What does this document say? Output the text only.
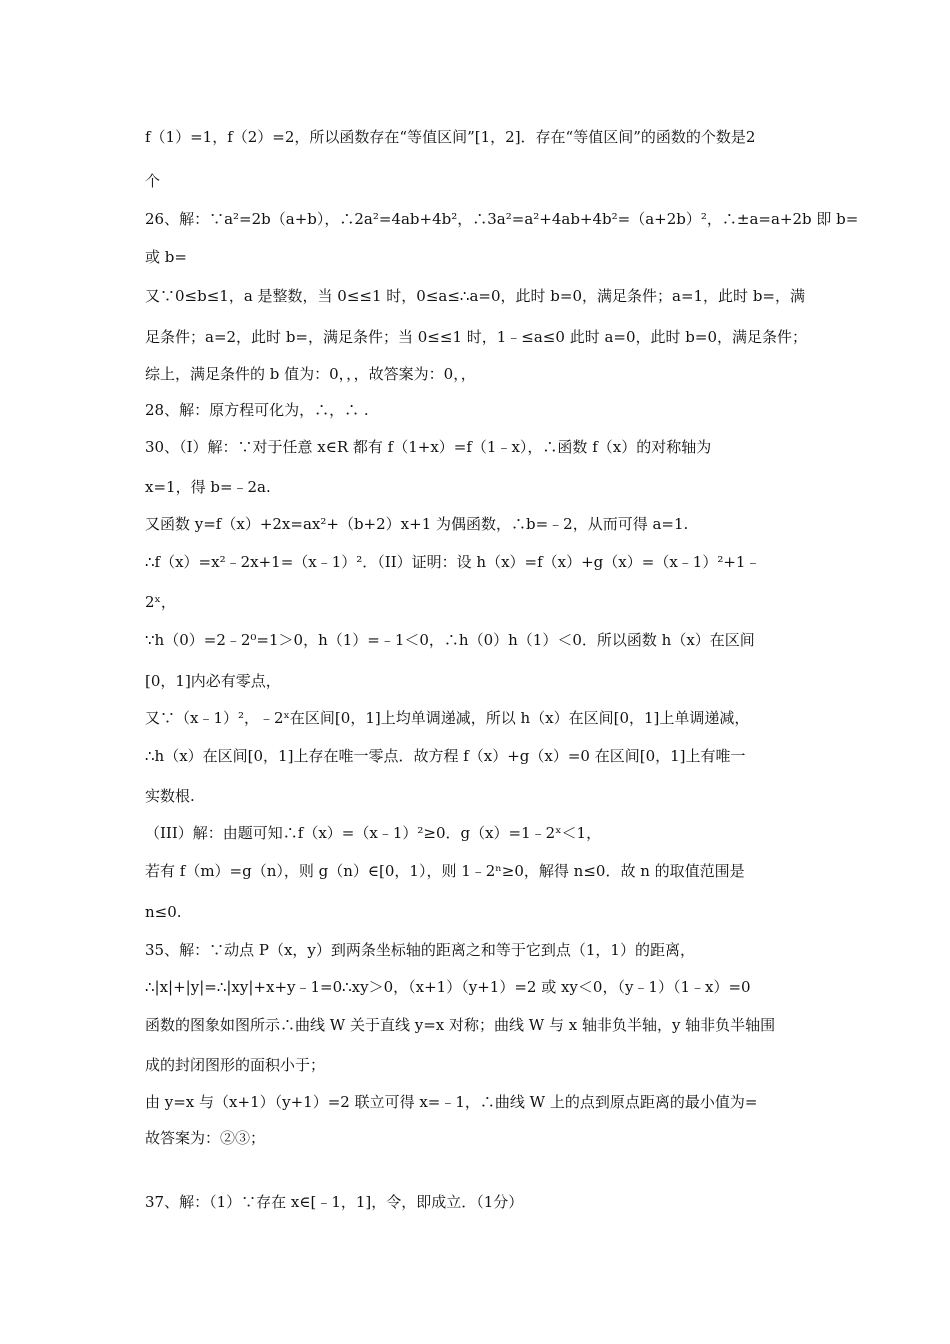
f（1）=1，f（2）=2，所以函数存在“等值区间”[1，2]．存在“等值区间”的函数的个数是2
个
26、解：∵a²=2b（a+b），∴2a²=4ab+4b²，∴3a²=a²+4ab+4b²=（a+2b）²，∴±a=a+2b 即 b=
或 b=
又∵0≤b≤1，a 是整数，当 0≤≤1 时，0≤a≤∴a=0，此时 b=0，满足条件；a=1，此时 b=，满
足条件；a=2，此时 b=，满足条件；当 0≤≤1 时，1﹣≤a≤0 此时 a=0，此时 b=0，满足条件；
综上，满足条件的 b 值为：0，，，故答案为：0，，
28、解：原方程可化为，∴，∴ .
30、（I）解：∵对于任意 x∈R 都有 f（1+x）=f（1﹣x），∴函数 f（x）的对称轴为
x=1，得 b=﹣2a.
又函数 y=f（x）+2x=ax²+（b+2）x+1 为偶函数，∴b=﹣2，从而可得 a=1.
∴f（x）=x²﹣2x+1=（x﹣1）²．（II）证明：设 h（x）=f（x）+g（x）=（x﹣1）²+1﹣
2ˣ，
∵h（0）=2﹣2⁰=1＞0，h（1）=﹣1＜0，∴h（0）h（1）＜0．所以函数 h（x）在区间
[0，1]内必有零点，
又∵（x﹣1）²，﹣2ˣ在区间[0，1]上均单调递减，所以 h（x）在区间[0，1]上单调递减，
∴h（x）在区间[0，1]上存在唯一零点．故方程 f（x）+g（x）=0 在区间[0，1]上有唯一
实数根.
（III）解：由题可知∴f（x）=（x﹣1）²≥0．g（x）=1﹣2ˣ＜1，
若有 f（m）=g（n），则 g（n）∈[0，1），则 1﹣2ⁿ≥0，解得 n≤0．故 n 的取值范围是
n≤0.
35、解：∵动点 P（x，y）到两条坐标轴的距离之和等于它到点（1，1）的距离，
∴|x|+|y|=∴|xy|+x+y﹣1=0∴xy＞0，（x+1）（y+1）=2 或 xy＜0，（y﹣1）（1﹣x）=0
函数的图象如图所示∴曲线 W 关于直线 y=x 对称；曲线 W 与 x 轴非负半轴，y 轴非负半轴围
成的封闭图形的面积小于；
由 y=x 与（x+1）（y+1）=2 联立可得 x=﹣1，∴曲线 W 上的点到原点距离的最小值为=
故答案为：②③；
37、解：（1）∵存在 x∈[﹣1，1]，令，即成立．（1分）
